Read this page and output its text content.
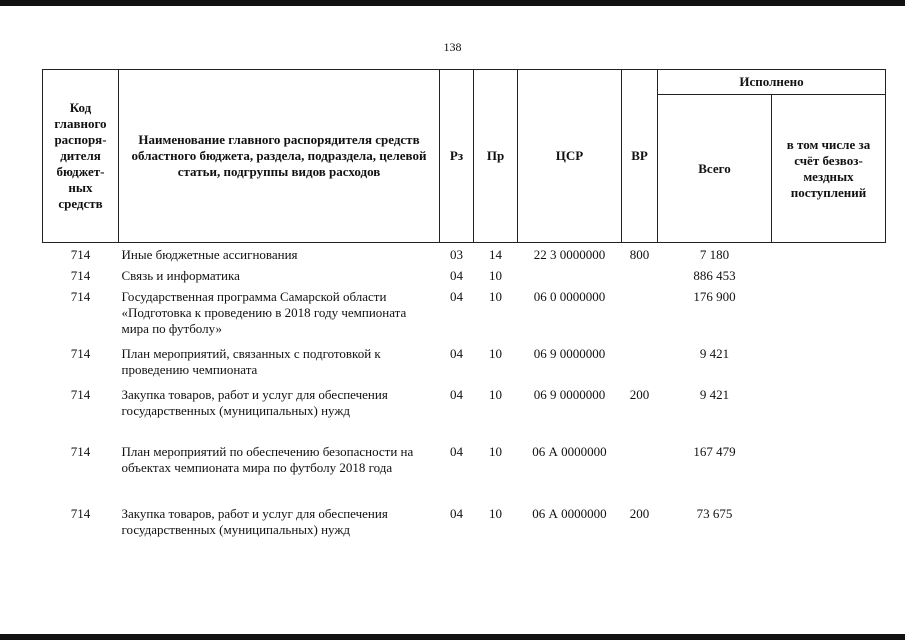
138
Код главного распоря-дителя бюджет-ных средств	Наименование главного распорядителя средств областного бюджета, раздела, подраздела, целевой статьи, подгруппы видов расходов	Рз	Пр	ЦСР	ВР	Исполнено	
						Всего	в том числе за счёт безвоз-мездных поступлений

714	Иные бюджетные ассигнования	03	14	22 3 0000000	800	7 180	
714	Связь и информатика	04	10			886 453	
714	Государственная программа Самарской области «Подготовка к проведению в 2018 году чемпионата мира по футболу»	04	10	06 0 0000000		176 900	
714	План мероприятий, связанных с подготовкой к проведению чемпионата	04	10	06 9 0000000		9 421	
714	Закупка товаров, работ и услуг для обеспечения государственных (муниципальных) нужд	04	10	06 9 0000000	200	9 421	
714	План мероприятий по обеспечению безопасности на объектах чемпионата мира по футболу 2018 года	04	10	06 А 0000000		167 479	
714	Закупка товаров, работ и услуг для обеспечения государственных (муниципальных) нужд	04	10	06 А 0000000	200	73 675	
